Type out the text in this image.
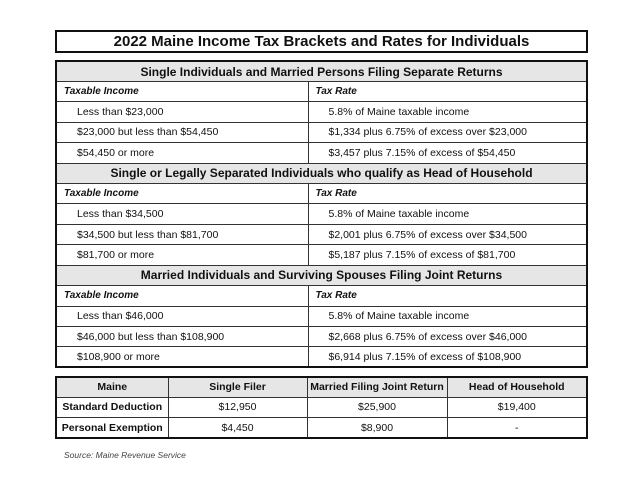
2022 Maine Income Tax Brackets and Rates for Individuals
Single Individuals and Married Persons Filing Separate Returns	
Taxable Income	Tax Rate
Less than $23,000	5.8% of Maine taxable income
$23,000 but less than $54,450	$1,334 plus 6.75% of excess over $23,000
$54,450 or more	$3,457 plus 7.15% of excess of $54,450
Single or Legally Separated Individuals who qualify as Head of Household	
Taxable Income	Tax Rate
Less than $34,500	5.8% of Maine taxable income
$34,500 but less than $81,700	$2,001 plus 6.75% of excess over $34,500
$81,700 or more	$5,187 plus 7.15% of excess of $81,700
Married Individuals and Surviving Spouses Filing Joint Returns	
Taxable Income	Tax Rate
Less than $46,000	5.8% of Maine taxable income
$46,000 but less than $108,900	$2,668 plus 6.75% of excess over $46,000
$108,900 or more	$6,914 plus 7.15% of excess of $108,900
Maine	Single Filer	Married Filing Joint Return	Head of Household
Standard Deduction	$12,950	$25,900	$19,400
Personal Exemption	$4,450	$8,900	-
Source: Maine Revenue Service
